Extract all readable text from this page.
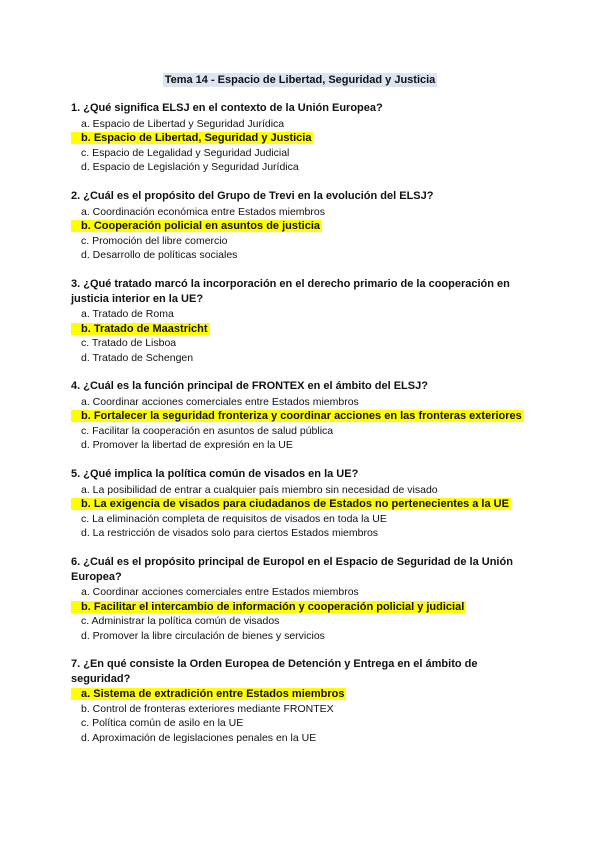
Tema 14 - Espacio de Libertad, Seguridad y Justicia
1. ¿Qué significa ELSJ en el contexto de la Unión Europea?
a. Espacio de Libertad y Seguridad Jurídica
b. Espacio de Libertad, Seguridad y Justicia
c. Espacio de Legalidad y Seguridad Judicial
d. Espacio de Legislación y Seguridad Jurídica
2. ¿Cuál es el propósito del Grupo de Trevi en la evolución del ELSJ?
a. Coordinación económica entre Estados miembros
b. Cooperación policial en asuntos de justicia
c. Promoción del libre comercio
d. Desarrollo de políticas sociales
3. ¿Qué tratado marcó la incorporación en el derecho primario de la cooperación en justicia interior en la UE?
a. Tratado de Roma
b. Tratado de Maastricht
c. Tratado de Lisboa
d. Tratado de Schengen
4. ¿Cuál es la función principal de FRONTEX en el ámbito del ELSJ?
a. Coordinar acciones comerciales entre Estados miembros
b. Fortalecer la seguridad fronteriza y coordinar acciones en las fronteras exteriores
c. Facilitar la cooperación en asuntos de salud pública
d. Promover la libertad de expresión en la UE
5. ¿Qué implica la política común de visados en la UE?
a. La posibilidad de entrar a cualquier país miembro sin necesidad de visado
b. La exigencia de visados para ciudadanos de Estados no pertenecientes a la UE
c. La eliminación completa de requisitos de visados en toda la UE
d. La restricción de visados solo para ciertos Estados miembros
6. ¿Cuál es el propósito principal de Europol en el Espacio de Seguridad de la Unión Europea?
a. Coordinar acciones comerciales entre Estados miembros
b. Facilitar el intercambio de información y cooperación policial y judicial
c. Administrar la política común de visados
d. Promover la libre circulación de bienes y servicios
7. ¿En qué consiste la Orden Europea de Detención y Entrega en el ámbito de seguridad?
a. Sistema de extradición entre Estados miembros
b. Control de fronteras exteriores mediante FRONTEX
c. Política común de asilo en la UE
d. Aproximación de legislaciones penales en la UE
